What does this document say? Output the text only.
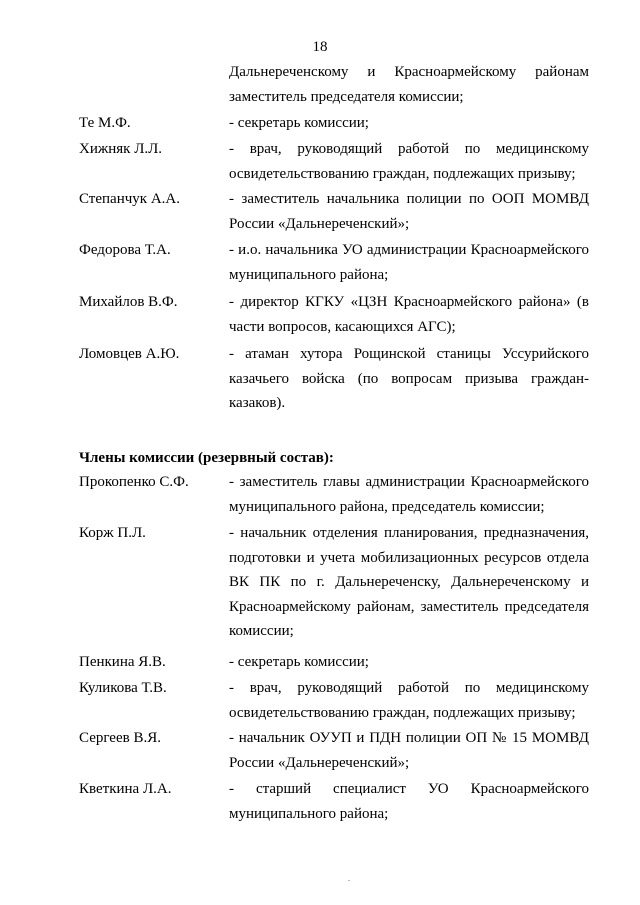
18
Дальнереченскому и Красноармейскому районам
заместитель председателя комиссии;
Те М.Ф.	- секретарь комиссии;
Хижняк Л.Л.	- врач, руководящий работой по медицинскому
освидетельствованию граждан, подлежащих призыву;
Степанчук А.А.	- заместитель начальника полиции по ООП МОМВД
России «Дальнереченский»;
Федорова Т.А.	- и.о. начальника УО администрации Красноармейского
муниципального района;
Михайлов В.Ф.	- директор КГКУ «ЦЗН Красноармейского района» (в
части вопросов, касающихся АГС);
Ломовцев А.Ю.	- атаман хутора Рощинской станицы Уссурийского
казачьего войска (по вопросам призыва граждан-
казаков).
Члены комиссии (резервный состав):
Прокопенко С.Ф.	- заместитель главы администрации Красноармейского
муниципального района, председатель комиссии;
Корж П.Л.	- начальник отделения планирования, предназначения,
подготовки и учета мобилизационных ресурсов отдела
ВК ПК по г. Дальнереченску, Дальнереченскому и
Красноармейскому районам, заместитель председателя
комиссии;
Пенкина Я.В.	- секретарь комиссии;
Куликова Т.В.	- врач, руководящий работой по медицинскому
освидетельствованию граждан, подлежащих призыву;
Сергеев В.Я.	- начальник ОУУП и ПДН полиции ОП № 15 МОМВД
России «Дальнереченский»;
Кветкина Л.А.	- старший специалист УО Красноармейского
муниципального района;
